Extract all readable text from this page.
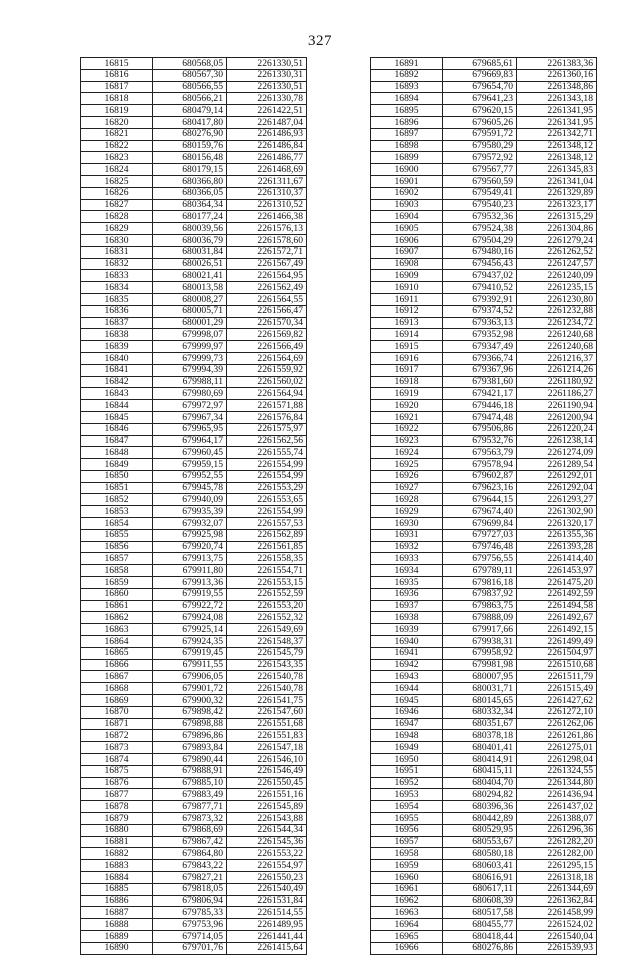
327
16815	680568,05	2261330,51
16816	680567,30	2261330,31
16817	680566,55	2261330,51
16818	680566,21	2261330,78
16819	680479,14	2261422,51
16820	680417,80	2261487,04
16821	680276,90	2261486,93
16822	680159,76	2261486,84
16823	680156,48	2261486,77
16824	680179,15	2261468,69
16825	680366,80	2261311,67
16826	680366,05	2261310,37
16827	680364,34	2261310,52
16828	680177,24	2261466,38
16829	680039,56	2261576,13
16830	680036,79	2261578,60
16831	680031,84	2261572,71
16832	680026,51	2261567,49
16833	680021,41	2261564,95
16834	680013,58	2261562,49
16835	680008,27	2261564,55
16836	680005,71	2261566,47
16837	680001,29	2261570,34
16838	679998,07	2261569,82
16839	679999,97	2261566,49
16840	679999,73	2261564,69
16841	679994,39	2261559,92
16842	679988,11	2261560,02
16843	679980,69	2261564,94
16844	679972,97	2261571,88
16845	679967,34	2261576,84
16846	679965,95	2261575,97
16847	679964,17	2261562,56
16848	679960,45	2261555,74
16849	679959,15	2261554,99
16850	679952,55	2261554,99
16851	679945,78	2261553,29
16852	679940,09	2261553,65
16853	679935,39	2261554,99
16854	679932,07	2261557,53
16855	679925,98	2261562,89
16856	679920,74	2261561,85
16857	679913,75	2261558,35
16858	679911,80	2261554,71
16859	679913,36	2261553,15
16860	679919,55	2261552,59
16861	679922,72	2261553,20
16862	679924,08	2261552,32
16863	679925,14	2261549,69
16864	679924,35	2261548,37
16865	679919,45	2261545,79
16866	679911,55	2261543,35
16867	679906,05	2261540,78
16868	679901,72	2261540,78
16869	679900,32	2261541,75
16870	679898,42	2261547,60
16871	679898,88	2261551,68
16872	679896,86	2261551,83
16873	679893,84	2261547,18
16874	679890,44	2261546,10
16875	679888,91	2261546,49
16876	679885,10	2261550,45
16877	679883,49	2261551,16
16878	679877,71	2261545,89
16879	679873,32	2261543,88
16880	679868,69	2261544,34
16881	679867,42	2261545,36
16882	679864,80	2261553,22
16883	679843,22	2261554,97
16884	679827,21	2261550,23
16885	679818,05	2261540,49
16886	679806,94	2261531,84
16887	679785,33	2261514,55
16888	679753,96	2261489,95
16889	679714,05	2261441,44
16890	679701,76	2261415,64
16891	679685,61	2261383,36
16892	679669,83	2261360,16
16893	679654,70	2261348,86
16894	679641,23	2261343,18
16895	679620,15	2261341,95
16896	679605,26	2261341,95
16897	679591,72	2261342,71
16898	679580,29	2261348,12
16899	679572,92	2261348,12
16900	679567,77	2261345,83
16901	679560,59	2261341,04
16902	679549,41	2261329,89
16903	679540,23	2261323,17
16904	679532,36	2261315,29
16905	679524,38	2261304,86
16906	679504,29	2261279,24
16907	679480,16	2261262,52
16908	679456,43	2261247,57
16909	679437,02	2261240,09
16910	679410,52	2261235,15
16911	679392,91	2261230,80
16912	679374,52	2261232,88
16913	679363,13	2261234,72
16914	679352,98	2261240,68
16915	679347,49	2261240,68
16916	679366,74	2261216,37
16917	679367,96	2261214,26
16918	679381,60	2261180,92
16919	679421,17	2261186,27
16920	679446,18	2261190,94
16921	679474,48	2261200,94
16922	679506,86	2261220,24
16923	679532,76	2261238,14
16924	679563,79	2261274,09
16925	679578,94	2261289,54
16926	679602,87	2261292,01
16927	679623,16	2261292,04
16928	679644,15	2261293,27
16929	679674,40	2261302,90
16930	679699,84	2261320,17
16931	679727,03	2261355,36
16932	679746,48	2261393,28
16933	679756,55	2261414,40
16934	679789,11	2261453,97
16935	679816,18	2261475,20
16936	679837,92	2261492,59
16937	679863,75	2261494,58
16938	679888,09	2261492,67
16939	679917,66	2261492,15
16940	679938,31	2261499,49
16941	679958,92	2261504,97
16942	679981,98	2261510,68
16943	680007,95	2261511,79
16944	680031,71	2261515,49
16945	680145,65	2261427,62
16946	680332,34	2261272,10
16947	680351,67	2261262,06
16948	680378,18	2261261,86
16949	680401,41	2261275,01
16950	680414,91	2261298,04
16951	680415,11	2261324,55
16952	680404,70	2261344,80
16953	680294,82	2261436,94
16954	680396,36	2261437,02
16955	680442,89	2261388,07
16956	680529,95	2261296,36
16957	680553,67	2261282,20
16958	680580,18	2261282,00
16959	680603,41	2261295,15
16960	680616,91	2261318,18
16961	680617,11	2261344,69
16962	680608,39	2261362,84
16963	680517,58	2261458,99
16964	680455,77	2261524,02
16965	680418,44	2261540,04
16966	680276,86	2261539,93
